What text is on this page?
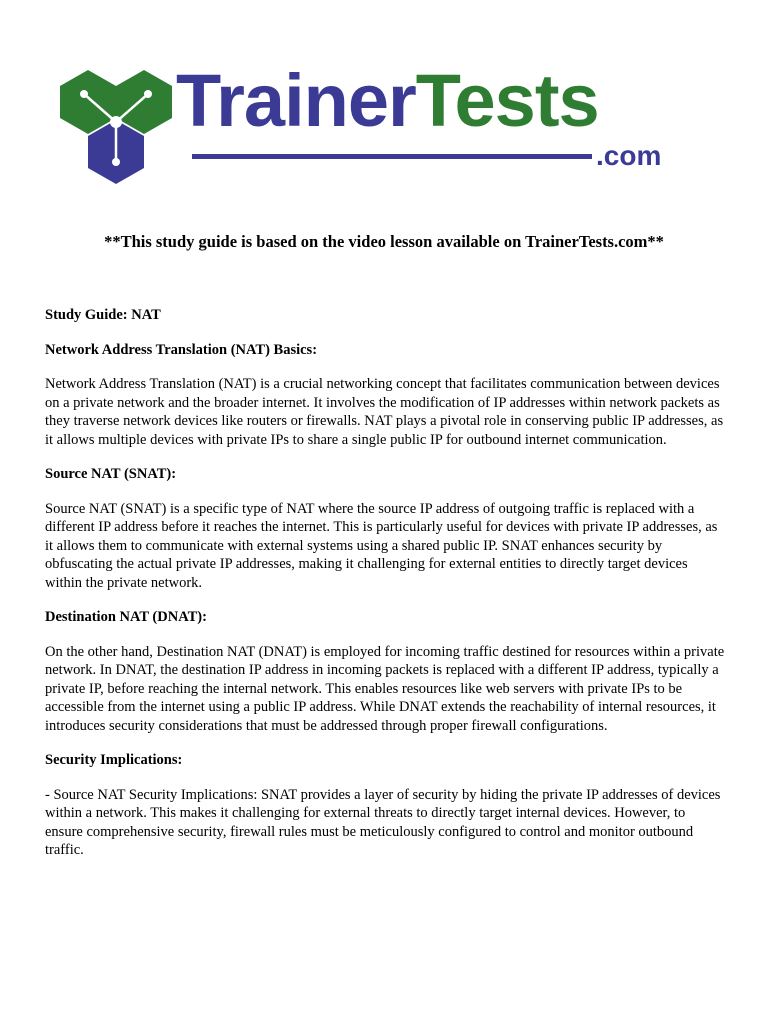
TrainerTests
.com
**This study guide is based on the video lesson available on TrainerTests.com**
Study Guide: NAT
Network Address Translation (NAT) Basics:

Network Address Translation (NAT) is a crucial networking concept that facilitates communication between devices on a private network and the broader internet. It involves the modification of IP addresses within network packets as they traverse network devices like routers or firewalls. NAT plays a pivotal role in conserving public IP addresses, as it allows multiple devices with private IPs to share a single public IP for outbound internet communication.

Source NAT (SNAT):

Source NAT (SNAT) is a specific type of NAT where the source IP address of outgoing traffic is replaced with a different IP address before it reaches the internet. This is particularly useful for devices with private IP addresses, as it allows them to communicate with external systems using a shared public IP. SNAT enhances security by obfuscating the actual private IP addresses, making it challenging for external entities to directly target devices within the private network.

Destination NAT (DNAT):

On the other hand, Destination NAT (DNAT) is employed for incoming traffic destined for resources within a private network. In DNAT, the destination IP address in incoming packets is replaced with a different IP address, typically a private IP, before reaching the internal network. This enables resources like web servers with private IPs to be accessible from the internet using a public IP address. While DNAT extends the reachability of internal resources, it introduces security considerations that must be addressed through proper firewall configurations.

Security Implications:

- Source NAT Security Implications: SNAT provides a layer of security by hiding the private IP addresses of devices within a network. This makes it challenging for external threats to directly target internal devices. However, to ensure comprehensive security, firewall rules must be meticulously configured to control and monitor outbound traffic.
